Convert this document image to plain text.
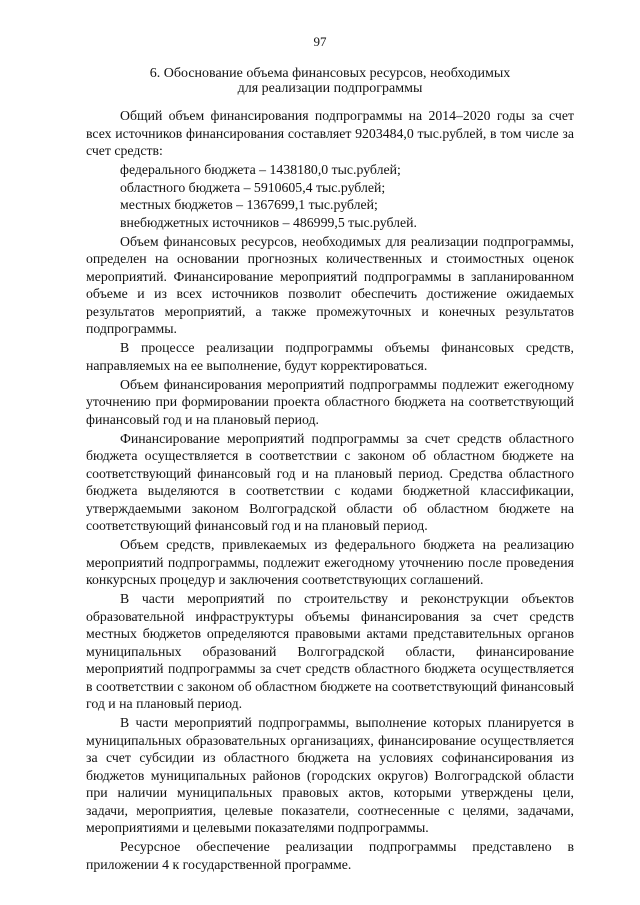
97
6. Обоснование объема финансовых ресурсов, необходимых
для реализации подпрограммы

Общий объем финансирования подпрограммы на 2014–2020 годы за счет всех источников финансирования составляет 9203484,0 тыс.рублей, в том числе за счет средств:

федерального бюджета – 1438180,0 тыс.рублей;

областного бюджета – 5910605,4 тыс.рублей;

местных бюджетов – 1367699,1 тыс.рублей;

внебюджетных источников – 486999,5 тыс.рублей.

Объем финансовых ресурсов, необходимых для реализации подпрограммы, определен на основании прогнозных количественных и стоимостных оценок мероприятий. Финансирование мероприятий подпрограммы в запланированном объеме и из всех источников позволит обеспечить достижение ожидаемых результатов мероприятий, а также промежуточных и конечных результатов подпрограммы.

В процессе реализации подпрограммы объемы финансовых средств, направляемых на ее выполнение, будут корректироваться.

Объем финансирования мероприятий подпрограммы подлежит ежегодному уточнению при формировании проекта областного бюджета на соответствующий финансовый год и на плановый период.

Финансирование мероприятий подпрограммы за счет средств областного бюджета осуществляется в соответствии с законом об областном бюджете на соответствующий финансовый год и на плановый период. Средства областного бюджета выделяются в соответствии с кодами бюджетной классификации, утверждаемыми законом Волгоградской области об областном бюджете на соответствующий финансовый год и на плановый период.

Объем средств, привлекаемых из федерального бюджета на реализацию мероприятий подпрограммы, подлежит ежегодному уточнению после проведения конкурсных процедур и заключения соответствующих соглашений.

В части мероприятий по строительству и реконструкции объектов образовательной инфраструктуры объемы финансирования за счет средств местных бюджетов определяются правовыми актами представительных органов муниципальных образований Волгоградской области, финансирование мероприятий подпрограммы за счет средств областного бюджета осуществляется в соответствии с законом об областном бюджете на соответствующий финансовый год и на плановый период.

В части мероприятий подпрограммы, выполнение которых планируется в муниципальных образовательных организациях, финансирование осуществляется за счет субсидии из областного бюджета на условиях софинансирования из бюджетов муниципальных районов (городских округов) Волгоградской области при наличии муниципальных правовых актов, которыми утверждены цели, задачи, мероприятия, целевые показатели, соотнесенные с целями, задачами, мероприятиями и целевыми показателями подпрограммы.

Ресурсное обеспечение реализации подпрограммы представлено в приложении 4 к государственной программе.
